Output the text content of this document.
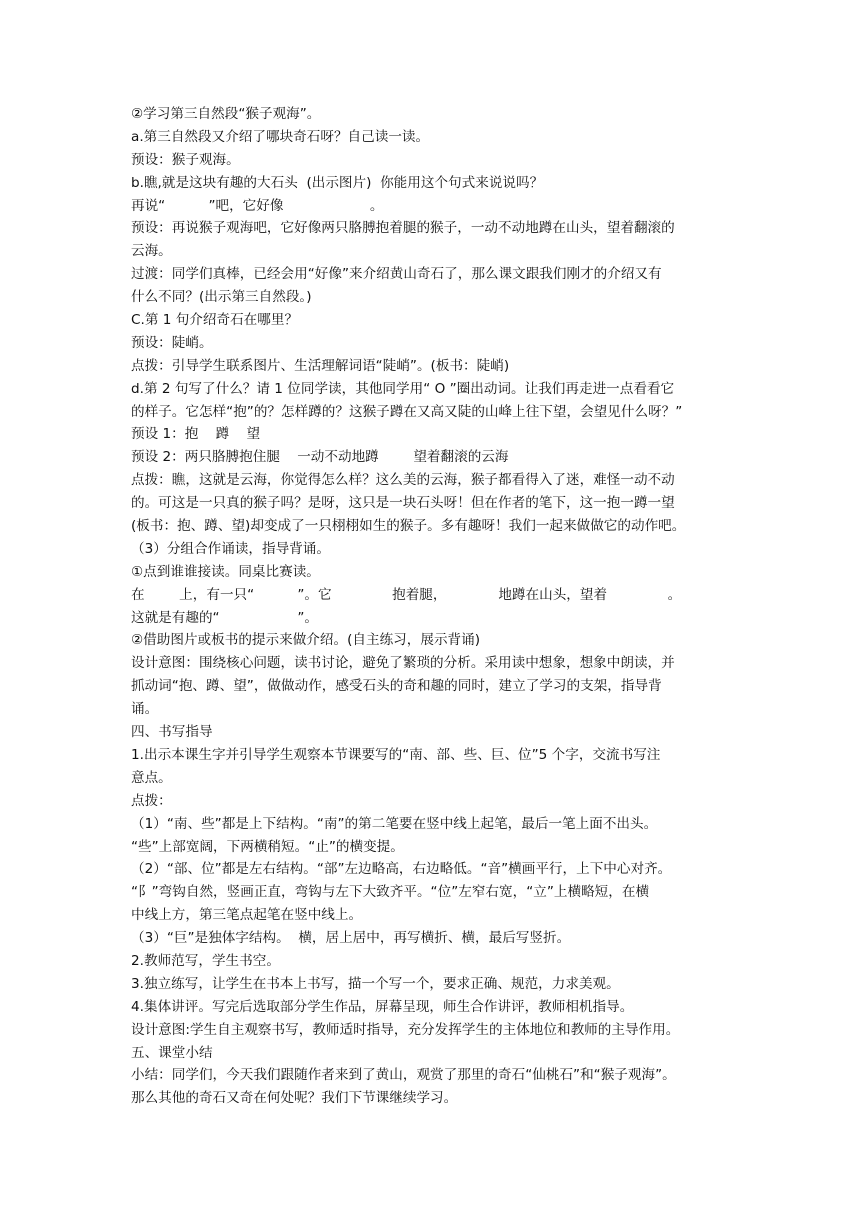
②学习第三自然段“猴子观海”。
a.第三自然段又介绍了哪块奇石呀？自己读一读。
预设：猴子观海。
b.瞧,就是这块有趣的大石头  (出示图片)  你能用这个句式来说说吗？
再说“          ”吧，它好像                    。
预设：再说猴子观海吧，它好像两只胳膊抱着腿的猴子，一动不动地蹲在山头，望着翻滚的
云海。
过渡：同学们真棒，已经会用“好像”来介绍黄山奇石了，那么课文跟我们刚才的介绍又有
什么不同？(出示第三自然段。)
C.第 1 句介绍奇石在哪里？
预设：陡峭。
点拨：引导学生联系图片、生活理解词语“陡峭”。(板书：陡峭)
d.第 2 句写了什么？请 1 位同学读，其他同学用“ O ”圈出动词。让我们再走进一点看看它
的样子。它怎样“抱”的？怎样蹲的？这猴子蹲在又高又陡的山峰上往下望，会望见什么呀？”
预设 1：抱    蹲    望
预设 2：两只胳膊抱住腿    一动不动地蹲        望着翻滚的云海
点拨：瞧，这就是云海，你觉得怎么样？这么美的云海，猴子都看得入了迷，难怪一动不动
的。可这是一只真的猴子吗？是呀，这只是一块石头呀！但在作者的笔下，这一抱一蹲一望
(板书：抱、蹲、望)却变成了一只栩栩如生的猴子。多有趣呀！我们一起来做做它的动作吧。
（3）分组合作诵读，指导背诵。
①点到谁谁接读。同桌比赛读。
在        上，有一只“          ”。它              抱着腿，            地蹲在山头，望着              。
这就是有趣的“                  ”。
②借助图片或板书的提示来做介绍。(自主练习，展示背诵)
设计意图：围绕核心问题，读书讨论，避免了繁琐的分析。采用读中想象，想象中朗读，并
抓动词“抱、蹲、望”，做做动作，感受石头的奇和趣的同时，建立了学习的支架，指导背
诵。
四、书写指导
1.出示本课生字并引导学生观察本节课要写的“南、部、些、巨、位”5 个字，交流书写注
意点。
点拨：
（1）“南、些”都是上下结构。“南”的第二笔要在竖中线上起笔，最后一笔上面不出头。
“些”上部宽阔，下两横稍短。“止”的横变提。
（2）“部、位”都是左右结构。“部”左边略高，右边略低。“音”横画平行，上下中心对齐。
“阝”弯钩自然，竖画正直，弯钩与左下大致齐平。“位”左窄右宽，“立”上横略短，在横
中线上方，第三笔点起笔在竖中线上。
（3）“巨”是独体字结构。  横，居上居中，再写横折、横，最后写竖折。
2.教师范写，学生书空。
3.独立练写，让学生在书本上书写，描一个写一个，要求正确、规范，力求美观。
4.集体讲评。写完后选取部分学生作品，屏幕呈现，师生合作讲评，教师相机指导。
设计意图:学生自主观察书写，教师适时指导，充分发挥学生的主体地位和教师的主导作用。
五、课堂小结
小结：同学们，今天我们跟随作者来到了黄山，观赏了那里的奇石“仙桃石”和“猴子观海”。
那么其他的奇石又奇在何处呢？我们下节课继续学习。
